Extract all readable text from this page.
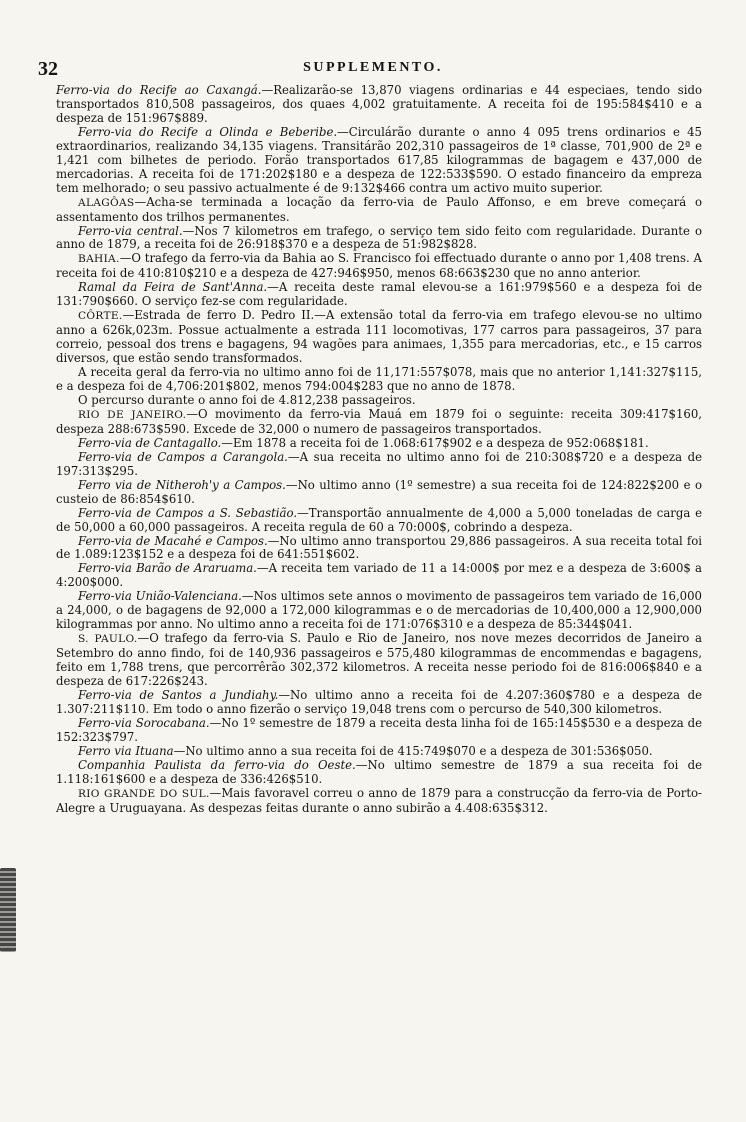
32	SUPPLEMENTO.

Ferro-via do Recife ao Caxangá.—Realizarão-se 13,870 viagens ordinarias e 44 especiaes, tendo sido transportados 810,508 passageiros, dos quaes 4,002 gratuitamente. A receita foi de 195:584$410 e a despeza de 151:967$889.

Ferro-via do Recife a Olinda e Beberibe.—Circulárão durante o anno 4 095 trens ordinarios e 45 extraordinarios, realizando 34,135 viagens. Transitárão 202,310 passageiros de 1ª classe, 701,900 de 2ª e 1,421 com bilhetes de periodo. Forão transportados 617,85 kilogrammas de bagagem e 437,000 de mercadorias. A receita foi de 171:202$180 e a despeza de 122:533$590. O estado financeiro da empreza tem melhorado; o seu passivo actualmente é de 9:132$466 contra um activo muito superior.

ALAGÔAS—Acha-se terminada a locação da ferro-via de Paulo Affonso, e em breve começará o assentamento dos trilhos permanentes.

Ferro-via central.—Nos 7 kilometros em trafego, o serviço tem sido feito com regularidade. Durante o anno de 1879, a receita foi de 26:918$370 e a despeza de 51:982$828.

BAHIA.—O trafego da ferro-via da Bahia ao S. Francisco foi effectuado durante o anno por 1,408 trens. A receita foi de 410:810$210 e a despeza de 427:946$950, menos 68:663$230 que no anno anterior.

Ramal da Feira de Sant'Anna.—A receita deste ramal elevou-se a 161:979$560 e a despeza foi de 131:790$660. O serviço fez-se com regularidade.

CÔRTE.—Estrada de ferro D. Pedro II.—A extensão total da ferro-via em trafego elevou-se no ultimo anno a 626k,023m. Possue actualmente a estrada 111 locomotivas, 177 carros para passageiros, 37 para correio, pessoal dos trens e bagagens, 94 wagões para animaes, 1,355 para mercadorias, etc., e 15 carros diversos, que estão sendo transformados.

A receita geral da ferro-via no ultimo anno foi de 11,171:557$078, mais que no anterior 1,141:327$115, e a despeza foi de 4,706:201$802, menos 794:004$283 que no anno de 1878.

O percurso durante o anno foi de 4.812,238 passageiros.

RIO DE JANEIRO.—O movimento da ferro-via Mauá em 1879 foi o seguinte: receita 309:417$160, despeza 288:673$590. Excede de 32,000 o numero de passageiros transportados.

Ferro-via de Cantagallo.—Em 1878 a receita foi de 1.068:617$902 e a despeza de 952:068$181.

Ferro-via de Campos a Carangola.—A sua receita no ultimo anno foi de 210:308$720 e a despeza de 197:313$295.

Ferro via de Nitheroh'y a Campos.—No ultimo anno (1º semestre) a sua receita foi de 124:822$200 e o custeio de 86:854$610.

Ferro-via de Campos a S. Sebastião.—Transportão annualmente de 4,000 a 5,000 toneladas de carga e de 50,000 a 60,000 passageiros. A receita regula de 60 a 70:000$, cobrindo a despeza.

Ferro-via de Macahé e Campos.—No ultimo anno transportou 29,886 passageiros. A sua receita total foi de 1.089:123$152 e a despeza foi de 641:551$602.

Ferro-via Barão de Araruama.—A receita tem variado de 11 a 14:000$ por mez e a despeza de 3:600$ a 4:200$000.

Ferro-via União-Valenciana.—Nos ultimos sete annos o movimento de passageiros tem variado de 16,000 a 24,000, o de bagagens de 92,000 a 172,000 kilogrammas e o de mercadorias de 10,400,000 a 12,900,000 kilogrammas por anno. No ultimo anno a receita foi de 171:076$310 e a despeza de 85:344$041.

S. PAULO.—O trafego da ferro-via S. Paulo e Rio de Janeiro, nos nove mezes decorridos de Janeiro a Setembro do anno findo, foi de 140,936 passageiros e 575,480 kilogrammas de encommendas e bagagens, feito em 1,788 trens, que percorrêrão 302,372 kilometros. A receita nesse periodo foi de 816:006$840 e a despeza de 617:226$243.

Ferro-via de Santos a Jundiahy.—No ultimo anno a receita foi de 4.207:360$780 e a despeza de 1.307:211$110. Em todo o anno fizerão o serviço 19,048 trens com o percurso de 540,300 kilometros.

Ferro-via Sorocabana.—No 1º semestre de 1879 a receita desta linha foi de 165:145$530 e a despeza de 152:323$797.

Ferro via Ituana—No ultimo anno a sua receita foi de 415:749$070 e a despeza de 301:536$050.

Companhia Paulista da ferro-via do Oeste.—No ultimo semestre de 1879 a sua receita foi de 1.118:161$600 e a despeza de 336:426$510.

RIO GRANDE DO SUL.—Mais favoravel correu o anno de 1879 para a construcção da ferro-via de Porto-Alegre a Uruguayana. As despezas feitas durante o anno subirão a 4.408:635$312.
